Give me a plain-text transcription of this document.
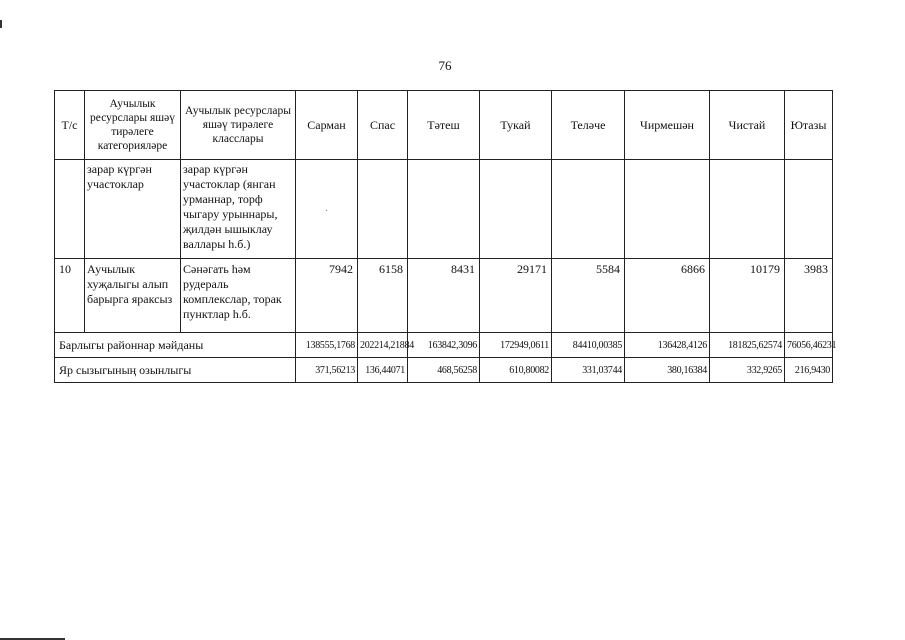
76
Т/с	Аучылык ресурслары яшәү тирәлеге категорияләре	Аучылык ресурслары яшәү тирәлеге класслары	Сарман	Спас	Тәтеш	Тукай	Теләче	Чирмешән	Чистай	Ютазы
	зарар күргән участоклар	зарар күргән участоклар (янган урманнар, торф чыгару урыннары, җилдән ышыклау валлары h.б.)	·							
10	Аучылык хуҗалыгы алып барырга яраксыз	Сәнәгать hәм рудераль комплекслар, торак пунктлар h.б.	7942	6158	8431	29171	5584	6866	10179	3983
Барлыгы районнар мәйданы			138555,1768	202214,21884	163842,3096	172949,0611	84410,00385	136428,4126	181825,62574	76056,46231
Яр сызыгының озынлыгы			371,56213	136,44071	468,56258	610,80082	331,03744	380,16384	332,9265	216,9430
